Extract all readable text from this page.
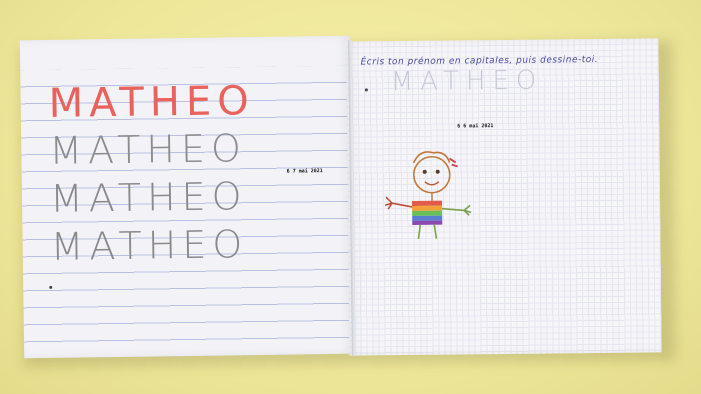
MATHEO

MATHEO

MATHEO

MATHEO

6 7 mai 2021
Écris ton prénom en capitales, puis dessine-toi.

MATHEO

6 6 mai 2021
